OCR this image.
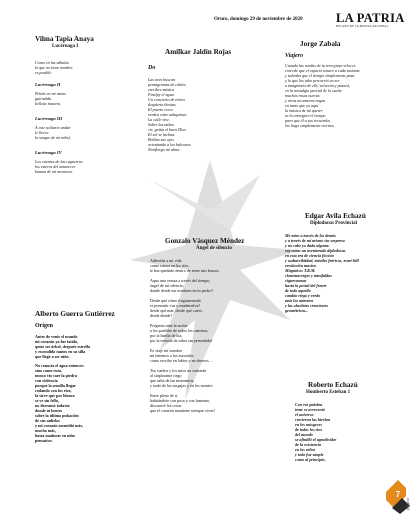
Oruro, domingo 29 de noviembre de 2020	LA PATRIA
DECANO DE LA PRENSA NACIONAL
Vilma Tapia Anaya
Lucérnaga I
Como en las sábulas
lo que no tiene nombre
es posible.
Lucérnaga II
Pétalo en mi mano
guirnalda
belleza inaxera.
Lucérnaga III
A este solitario andar
le lleeve
la sangre de mi niña).
Lucérnaga IV
Los cuentos de las ruguerras
los estrcos del amanecer
baman de mi memoria.
Amilkar Jaldín Rojas
Do
Las aves buscan
pentagramas de cables
escribes música
Finelpy el agua.
Un concierto de trinos
despierta thestas.
El puerto crece
verdea entre aduquines.
La calle vive.
Sobre las unhas
ríe, gotita el buen Dios
El sol se inclina.
Brillan sus ojos
orientando a los halcones.
Nonflorgo mi alma.
Jorge Zabala
Viajero
Cuando las ruedas de tu tren giran veloces
corcede que el espacio tenaro a cada instante
y sabedas que el tiempo simplemente pasa
y lo que los tubo percorrió en ser
u imaginario de ellí, volverán y pasará,
en la nostalgia parcial de la sueño
muchos rosas nuevas
y otras un amoros negas
en tanto que yo aquí
la música de mi querer
se la entregaré el tiempo
para que él a sus recuerdos
los hago simplemente eternos.
Gonzalo Vásquez Méndez
Ángel de silencio
Adherida a mi vida
como rumor en los ríos,
te has quedado dentro de entre mis brazos.

Aqua una ceniza a través del tiempo,
ángel de mi silencio,
donde desde me nombres en tu pecho?

Desde qué ritmo frugamentado
es presentir vas y mudemelva?
desde qué mar, desde qué cueto,
desde dónde?

Pregunto ante la noche
a los posibles de todos los caminos,
por la huella de luz,
por la esencia de sabor tan presentida!

Es viaje mi nombro
mi tenemos a los aurorales
como escribo en labios y en dressos ...

Tus sueños y los míos no contarán
al sinplorante riego
que salta de tus momentos,
y nado de las sorgajas y en los montes

Entre pleno de ti,
habitándote con posa y con lumento,
discurriré los cosas
que el corazón mantiene siempre vivas!
Edgar Avila Echazú
Diplodocus Provincial
Me miro a través de los demás
y a través de mí mismo sin sorpresa
y no cabe yo duda alguna:
soy como un aventurado diplodocus
en esta era de ciencia ficción
y sudracribtidad, móviles feéricos, zvart-hill
revolución masiva
Múgnitcos T.R.M.
clonemacerges y minifaldas
ciguevasmas
hasta la postal del frente
de todo aquello
cambio riego y verdo
ante los mimetos
y las obsoletas creaciones
geométricas...
Alberto Guerra Gutiérrez
Origen
Antes de venir el mundo
mi corazón ya fue latido,
quise ser árbol, después estrella
y escondido tantos en su silla
que llegó a ser niño.
No conocía el agua entonces
sino como ruta,
nunca vio caer la piedra
con violencia
porque la semilla llegar
rodando con los ríos;
la sirve que por blanco
se ve sin fella,
no derramó todavía
donde ni brotes
sobre la última pulsación
de sus anhelos
y mi corazón asemidió más,
mucho más,
hasta madurar en niño
pensativo.
Roberto Echazú
Homberto Esteban 1
Con ese palabra
teme se acrecentó
el universo
crecieron las hierbas
en los músgeces
de todos los ríos
del mundo
se afinilló el agradicidar
de la existencia
en los niños
y todo fue simple
como al principio.
7
página
